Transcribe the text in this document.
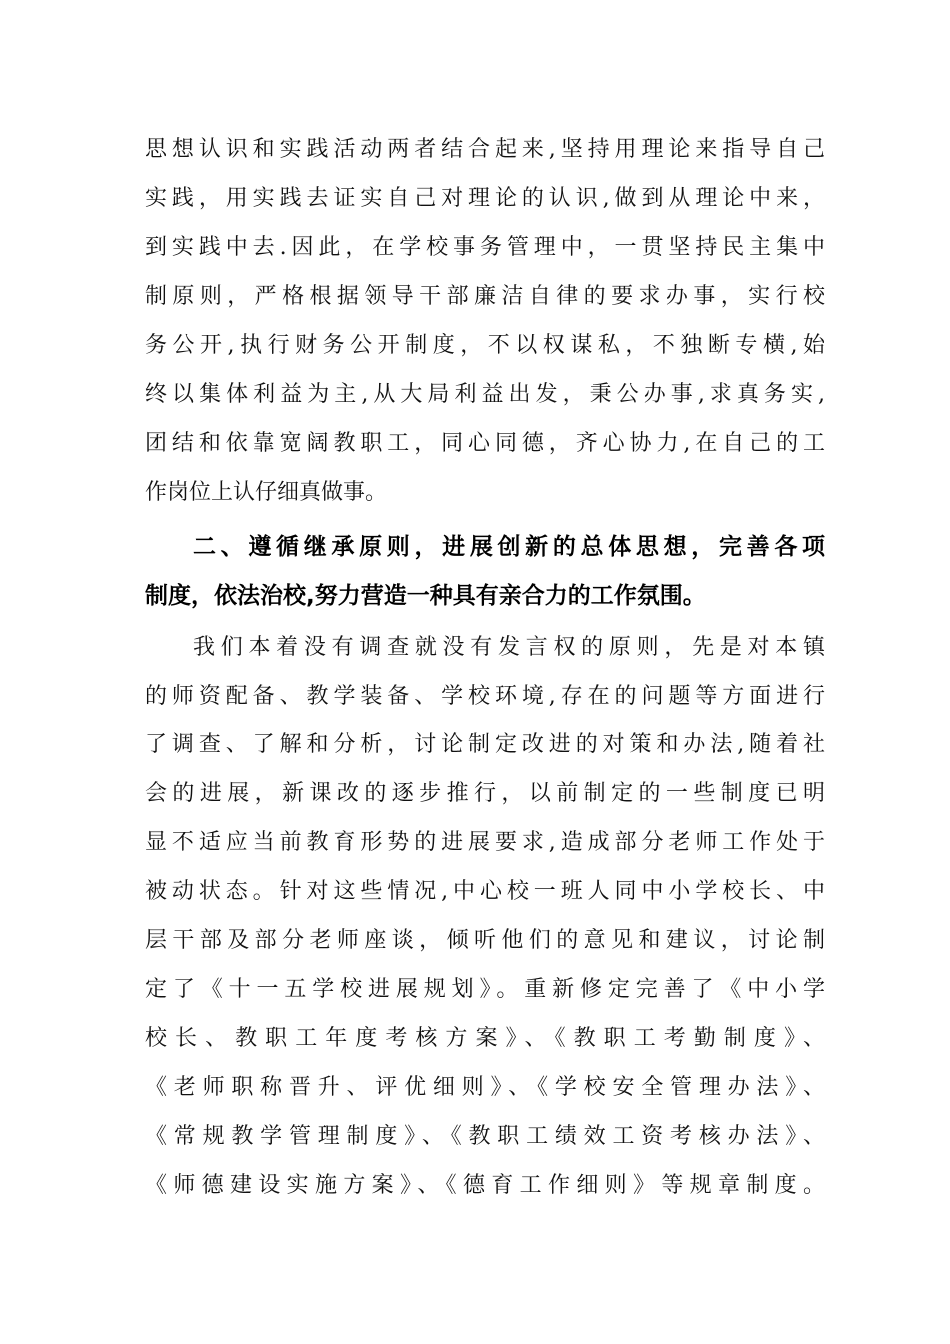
思想认识和实践活动两者结合起来,坚持用理论来指导自己
实践，用实践去证实自己对理论的认识,做到从理论中来，
到实践中去.因此，在学校事务管理中，一贯坚持民主集中
制原则，严格根据领导干部廉洁自律的要求办事，实行校
务公开,执行财务公开制度，不以权谋私，不独断专横,始
终以集体利益为主,从大局利益出发，秉公办事,求真务实,
团结和依靠宽阔教职工，同心同德，齐心协力,在自己的工
作岗位上认仔细真做事。
二、遵循继承原则，进展创新的总体思想，完善各项
制度，依法治校,努力营造一种具有亲合力的工作氛围。
我们本着没有调查就没有发言权的原则，先是对本镇
的师资配备、教学装备、学校环境,存在的问题等方面进行
了调查、了解和分析，讨论制定改进的对策和办法,随着社
会的进展，新课改的逐步推行，以前制定的一些制度已明
显不适应当前教育形势的进展要求,造成部分老师工作处于
被动状态。针对这些情况,中心校一班人同中小学校长、中
层干部及部分老师座谈，倾听他们的意见和建议，讨论制
定了《十一五学校进展规划》。重新修定完善了《中小学
校长、教职工年度考核方案》、《教职工考勤制度》、
《老师职称晋升、评优细则》、《学校安全管理办法》、
《常规教学管理制度》、《教职工绩效工资考核办法》、
《师德建设实施方案》、《德育工作细则》等规章制度。
